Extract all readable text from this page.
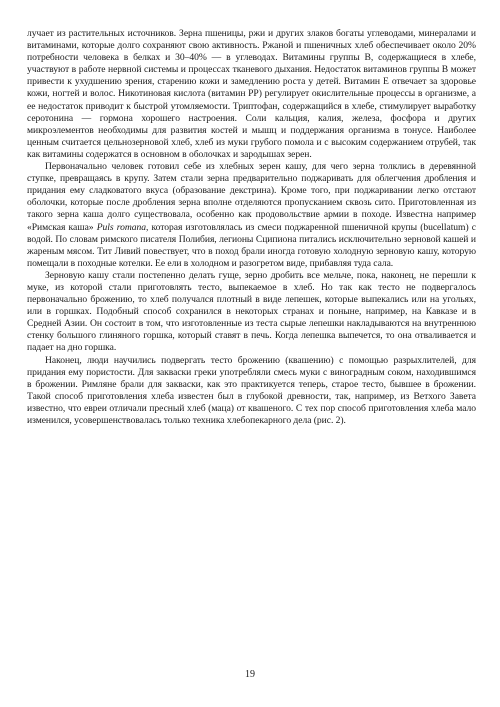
лучает из растительных источников. Зерна пшеницы, ржи и других злаков богаты углеводами, минералами и витаминами, которые долго сохраняют свою активность. Ржаной и пшеничных хлеб обеспечивает около 20% потребности человека в белках и 30–40% — в углеводах. Витамины группы В, содержащиеся в хлебе, участвуют в работе нервной системы и процессах тканевого дыхания. Недостаток витаминов группы В может привести к ухудшению зрения, старению кожи и замедлению роста у детей. Витамин Е отвечает за здоровье кожи, ногтей и волос. Никотиновая кислота (витамин РР) регулирует окислительные процессы в организме, а ее недостаток приводит к быстрой утомляемости. Триптофан, содержащийся в хлебе, стимулирует выработку серотонина — гормона хорошего настроения. Соли кальция, калия, железа, фосфора и других микроэлементов необходимы для развития костей и мышц и поддержания организма в тонусе. Наиболее ценным считается цельнозерновой хлеб, хлеб из муки грубого помола и с высоким содержанием отрубей, так как витамины содержатся в основном в оболочках и зародышах зерен.

Первоначально человек готовил себе из хлебных зерен кашу, для чего зерна толклись в деревянной ступке, превращаясь в крупу. Затем стали зерна предварительно поджаривать для облегчения дробления и придания ему сладковатого вкуса (образование декстрина). Кроме того, при поджаривании легко отстают оболочки, которые после дробления зерна вполне отделяются пропусканием сквозь сито. Приготовленная из такого зерна каша долго существовала, особенно как продовольствие армии в походе. Известна например «Римская каша» Puls romana, которая изготовлялась из смеси поджаренной пшеничной крупы (bucellatum) с водой. По словам римского писателя Полибия, легионы Сципиона питались исключительно зерновой кашей и жареным мясом. Тит Ливий повествует, что в поход брали иногда готовую холодную зерновую кашу, которую помещали в походные котелки. Ее ели в холодном и разогретом виде, прибавляя туда сала.

Зерновую кашу стали постепенно делать гуще, зерно дробить все мельче, пока, наконец, не перешли к муке, из которой стали приготовлять тесто, выпекаемое в хлеб. Но так как тесто не подвергалось первоначально брожению, то хлеб получался плотный в виде лепешек, которые выпекались или на угольях, или в горшках. Подобный способ сохранился в некоторых странах и поныне, например, на Кавказе и в Средней Азии. Он состоит в том, что изготовленные из теста сырые лепешки накладываются на внутреннюю стенку большого глиняного горшка, который ставят в печь. Когда лепешка выпечется, то она отваливается и падает на дно горшка.

Наконец, люди научились подвергать тесто брожению (квашению) с помощью разрыхлителей, для придания ему пористости. Для закваски греки употребляли смесь муки с виноградным соком, находившимся в брожении. Римляне брали для закваски, как это практикуется теперь, старое тесто, бывшее в брожении. Такой способ приготовления хлеба известен был в глубокой древности, так, например, из Ветхого Завета известно, что евреи отличали пресный хлеб (маца) от квашеного. С тех пор способ приготовления хлеба мало изменился, усовершенствовалась только техника хлебопекарного дела (рис. 2).

19
